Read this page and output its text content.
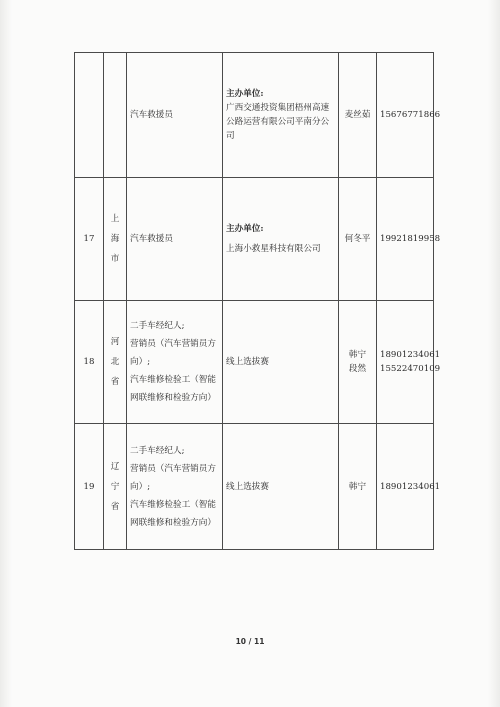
		汽车救援员	主办单位:
广西交通投资集团梧州高速公路运营有限公司平南分公司	麦丝茹	15676771866

17	上海市	汽车救援员	主办单位:
上海小救星科技有限公司	何冬平	19921819958

18	河北省	二手车经纪人;
营销员（汽车营销员方向）;
汽车维修检验工（智能网联维修和检验方向）	线上选拔赛	韩宁
段然	18901234061
15522470109

19	辽宁省	二手车经纪人;
营销员（汽车营销员方向）;
汽车维修检验工（智能网联维修和检验方向）	线上选拔赛	韩宁	18901234061
10 / 11
